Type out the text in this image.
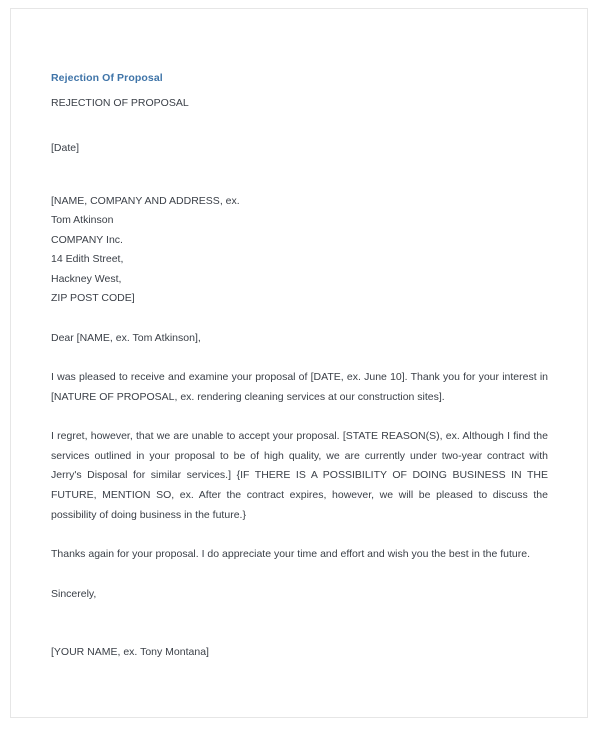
Rejection Of Proposal

REJECTION OF PROPOSAL

[Date]

[NAME, COMPANY AND ADDRESS, ex.
Tom Atkinson
COMPANY Inc.
14 Edith Street,
Hackney West,
ZIP POST CODE]

Dear [NAME, ex. Tom Atkinson],

I was pleased to receive and examine your proposal of [DATE, ex. June 10]. Thank you for your interest in [NATURE OF PROPOSAL, ex. rendering cleaning services at our construction sites].

I regret, however, that we are unable to accept your proposal. [STATE REASON(S), ex. Although I find the services outlined in your proposal to be of high quality, we are currently under two-year contract with Jerry's Disposal for similar services.] {IF THERE IS A POSSIBILITY OF DOING BUSINESS IN THE FUTURE, MENTION SO, ex. After the contract expires, however, we will be pleased to discuss the possibility of doing business in the future.}

Thanks again for your proposal. I do appreciate your time and effort and wish you the best in the future.

Sincerely,

[YOUR NAME, ex. Tony Montana]
